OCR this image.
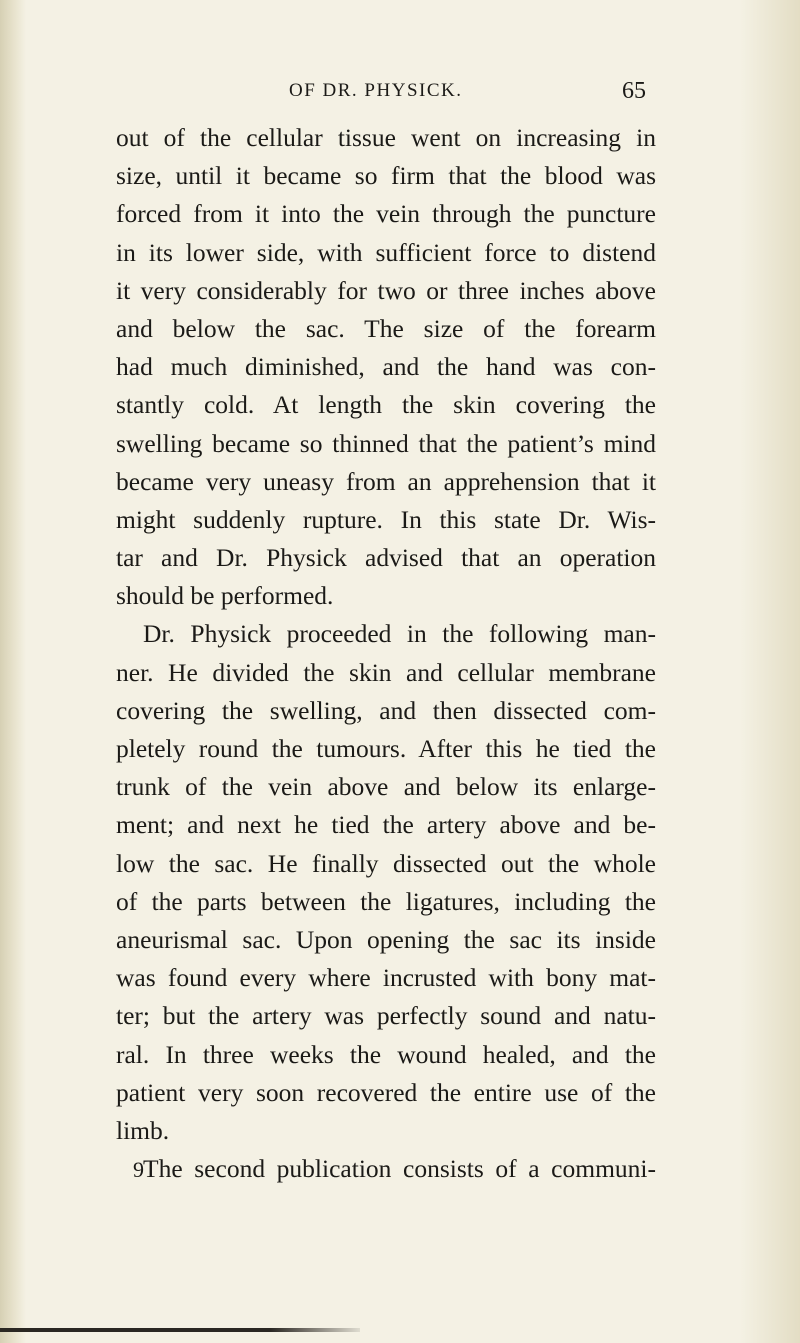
OF DR. PHYSICK.	65
out of the cellular tissue went on increasing in
size, until it became so firm that the blood was
forced from it into the vein through the puncture
in its lower side, with sufficient force to distend
it very considerably for two or three inches above
and below the sac. The size of the forearm
had much diminished, and the hand was con-
stantly cold. At length the skin covering the
swelling became so thinned that the patient’s mind
became very uneasy from an apprehension that it
might suddenly rupture. In this state Dr. Wis-
tar and Dr. Physick advised that an operation
should be performed.
Dr. Physick proceeded in the following man-
ner. He divided the skin and cellular membrane
covering the swelling, and then dissected com-
pletely round the tumours. After this he tied the
trunk of the vein above and below its enlarge-
ment; and next he tied the artery above and be-
low the sac. He finally dissected out the whole
of the parts between the ligatures, including the
aneurismal sac. Upon opening the sac its inside
was found every where incrusted with bony mat-
ter; but the artery was perfectly sound and natu-
ral. In three weeks the wound healed, and the
patient very soon recovered the entire use of the
limb.
The second publication consists of a communi-
9
